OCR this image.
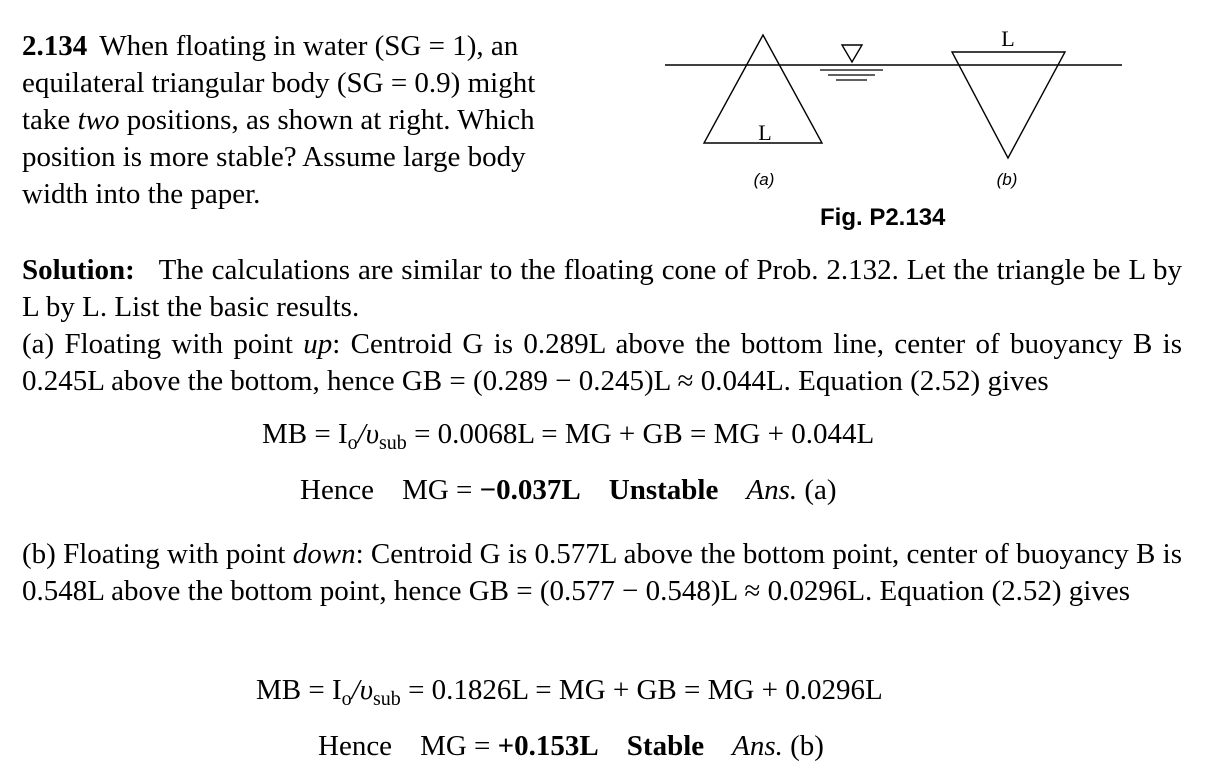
2.134 When floating in water (SG = 1), an equilateral triangular body (SG = 0.9) might take two positions, as shown at right. Which position is more stable? Assume large body width into the paper.
L
L
(a)	(b)
Fig. P2.134
Solution: The calculations are similar to the floating cone of Prob. 2.132. Let the triangle be L by L by L. List the basic results.
(a) Floating with point up: Centroid G is 0.289L above the bottom line, center of buoyancy B is 0.245L above the bottom, hence GB = (0.289 − 0.245)L ≈ 0.044L. Equation (2.52) gives
MB = $I_o/\upsilon_{sub} = 0.0068L$ = MG + GB = MG + 0.044L
Hence MG = −0.037L Unstable Ans. (a)
(b) Floating with point down: Centroid G is 0.577L above the bottom point, center of buoyancy B is 0.548L above the bottom point, hence GB = (0.577 − 0.548)L ≈ 0.0296L. Equation (2.52) gives
MB = $I_o/\upsilon_{sub} = 0.1826L$ = MG + GB = MG + 0.0296L
Hence MG = +0.153L Stable Ans. (b)
